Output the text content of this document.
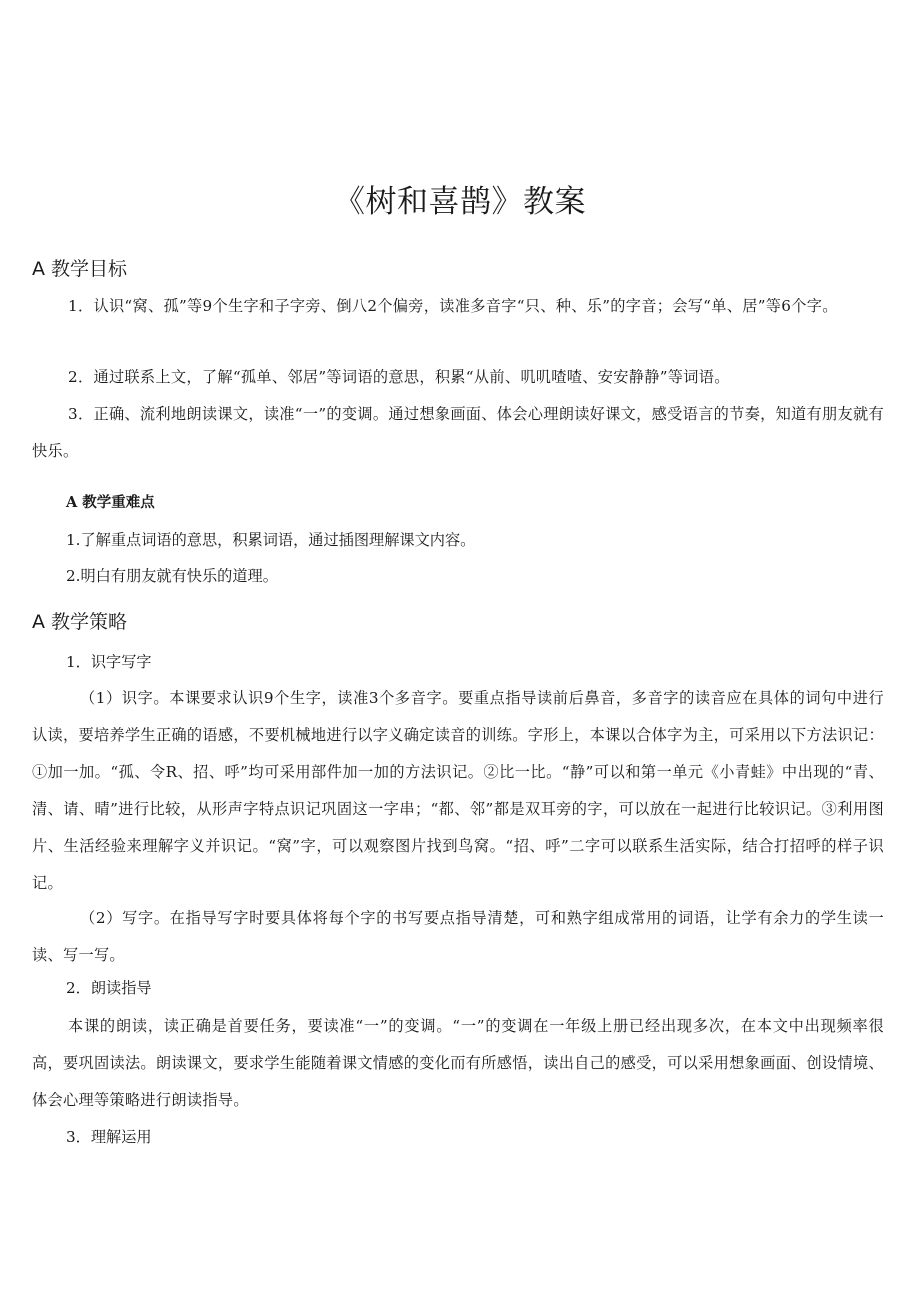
《树和喜鹊》教案
A 教学目标

1．认识“窝、孤”等9个生字和子字旁、倒八2个偏旁，读准多音字“只、种、乐”的字音；会写“单、居”等6个字。

2．通过联系上文，了解“孤单、邻居”等词语的意思，积累“从前、叽叽喳喳、安安静静”等词语。

3．正确、流利地朗读课文，读准“一”的变调。通过想象画面、体会心理朗读好课文，感受语言的节奏，知道有朋友就有快乐。

A 教学重难点

1.了解重点词语的意思，积累词语，通过插图理解课文内容。

2.明白有朋友就有快乐的道理。

A 教学策略

1．识字写字

（1）识字。本课要求认识9个生字，读准3个多音字。要重点指导读前后鼻音，多音字的读音应在具体的词句中进行认读，要培养学生正确的语感，不要机械地进行以字义确定读音的训练。字形上，本课以合体字为主，可采用以下方法识记：①加一加。“孤、令R、招、呼”均可采用部件加一加的方法识记。②比一比。“静”可以和第一单元《小青蛙》中出现的“青、清、请、晴”进行比较，从形声字特点识记巩固这一字串；“都、邻”都是双耳旁的字，可以放在一起进行比较识记。③利用图片、生活经验来理解字义并识记。“窝”字，可以观察图片找到鸟窝。“招、呼”二字可以联系生活实际，结合打招呼的样子识记。

（2）写字。在指导写字时要具体将每个字的书写要点指导清楚，可和熟字组成常用的词语，让学有余力的学生读一读、写一写。

2．朗读指导

本课的朗读，读正确是首要任务，要读准“一”的变调。“一”的变调在一年级上册已经出现多次，在本文中出现频率很高，要巩固读法。朗读课文，要求学生能随着课文情感的变化而有所感悟，读出自己的感受，可以采用想象画面、创设情境、体会心理等策略进行朗读指导。

3．理解运用
